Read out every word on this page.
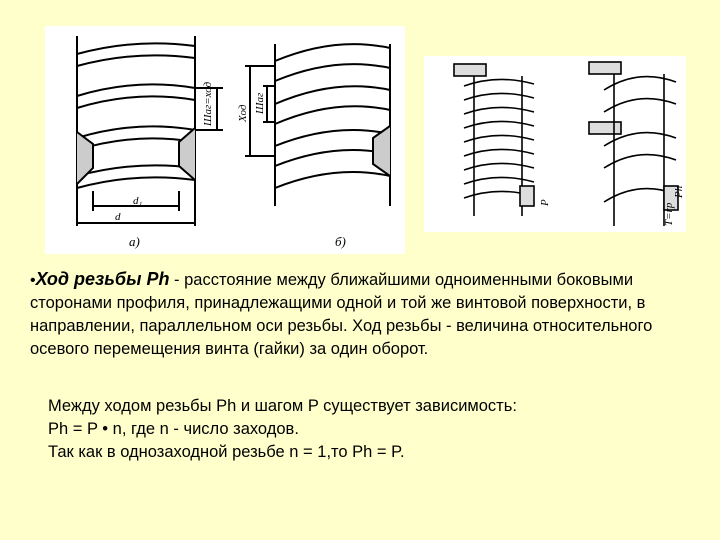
а)	б)
d₁
d
Шаг=ход Ход Шаг
P
Ph
T=rp

•Ход резьбы Ph - расстояние между ближайшими одноименными боковыми сторонами профиля, принадлежащими одной и той же винтовой поверхности, в направлении, параллельном оси резьбы. Ход резьбы - величина относительного осевого перемещения винта (гайки) за один оборот.

Между ходом резьбы Ph и шагом P существует зависимость:
Ph = P • n, где n - число заходов.
Так как в однозаходной резьбе n = 1,то Ph = P.
